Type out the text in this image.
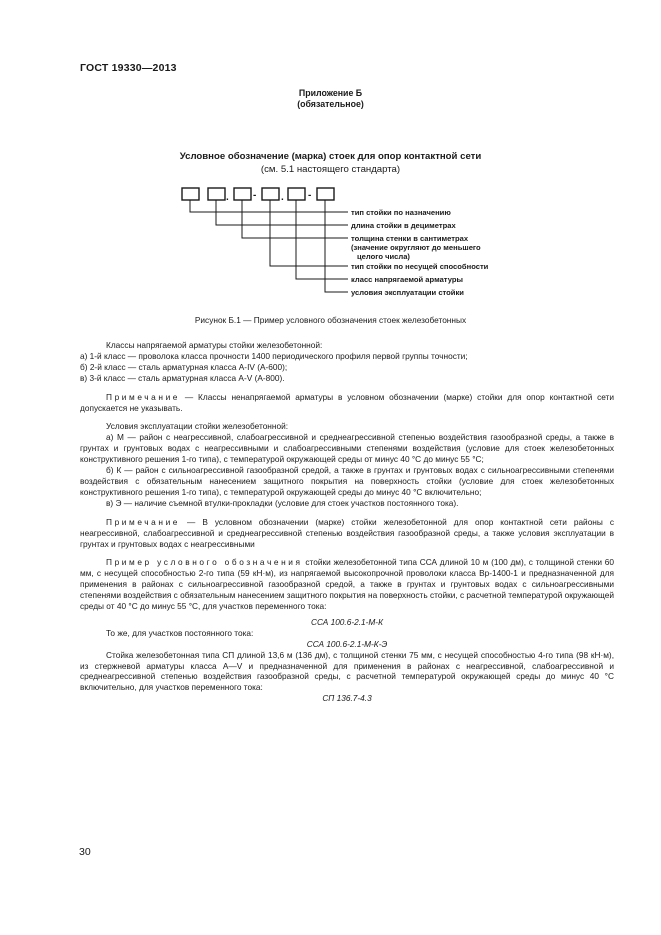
ГОСТ 19330—2013
Приложение Б
(обязательное)
Условное обозначение (марка) стоек для опор контактной сети
(см. 5.1 настоящего стандарта)
. - . -
тип стойки по назначению
длина стойки в дециметрах
толщина стенки в сантиметрах
(значение округляют до меньшего
целого числа)
тип стойки по несущей способности
класс напрягаемой арматуры
условия эксплуатации стойки
Рисунок Б.1 — Пример условного обозначения стоек железобетонных

Классы напрягаемой арматуры стойки железобетонной:

а) 1-й класс — проволока класса прочности 1400 периодического профиля первой группы точности;

б) 2-й класс — сталь арматурная класса A-IV (А-600);

в) 3-й класс — сталь арматурная класса A-V (А-800).

Примечание — Классы ненапрягаемой арматуры в условном обозначении (марке) стойки для опор контактной сети допускается не указывать.

Условия эксплуатации стойки железобетонной:

а) М — район с неагрессивной, слабоагрессивной и среднеагрессивной степенью воздействия газообразной среды, а также в грунтах и грунтовых водах с неагрессивными и слабоагрессивными степенями воздействия (условие для стоек железобетонных конструктивного решения 1-го типа), с температурой окружающей среды от минус 40 °С до минус 55 °С;

б) К — район с сильноагрессивной газообразной средой, а также в грунтах и грунтовых водах с сильноагрессивными степенями воздействия с обязательным нанесением защитного покрытия на поверхность стойки (условие для стоек железобетонных конструктивного решения 1-го типа), с температурой окружающей среды до минус 40 °С включительно;

в) Э — наличие съемной втулки-прокладки (условие для стоек участков постоянного тока).

Примечание — В условном обозначении (марке) стойки железобетонной для опор контактной сети районы с неагрессивной, слабоагрессивной и среднеагрессивной степенью воздействия газообразной среды, а также условия эксплуатации в грунтах и грунтовых водах с неагрессивными

Пример условного обозначения стойки железобетонной типа ССА длиной 10 м (100 дм), с толщиной стенки 60 мм, с несущей способностью 2-го типа (59 кН·м), из напрягаемой высокопрочной проволоки класса Вр-1400-1 и предназначенной для применения в районах с сильноагрессивной газообразной средой, а также в грунтах и грунтовых водах с сильноагрессивными степенями воздействия с обязательным нанесением защитного покрытия на поверхность стойки, с расчетной температурой окружающей среды от 40 °С до минус 55 °С, для участков переменного тока:

ССА 100.6-2.1-М-К

То же, для участков постоянного тока:

ССА 100.6-2.1-М-К-Э

Стойка железобетонная типа СП длиной 13,6 м (136 дм), с толщиной стенки 75 мм, с несущей способностью 4-го типа (98 кН·м), из стержневой арматуры класса А—V и предназначенной для применения в районах с неагрессивной, слабоагрессивной и среднеагрессивной степенью воздействия газообразной среды, с расчетной температурой окружающей среды до минус 40 °С включительно, для участков переменного тока:

СП 136.7-4.3

30
